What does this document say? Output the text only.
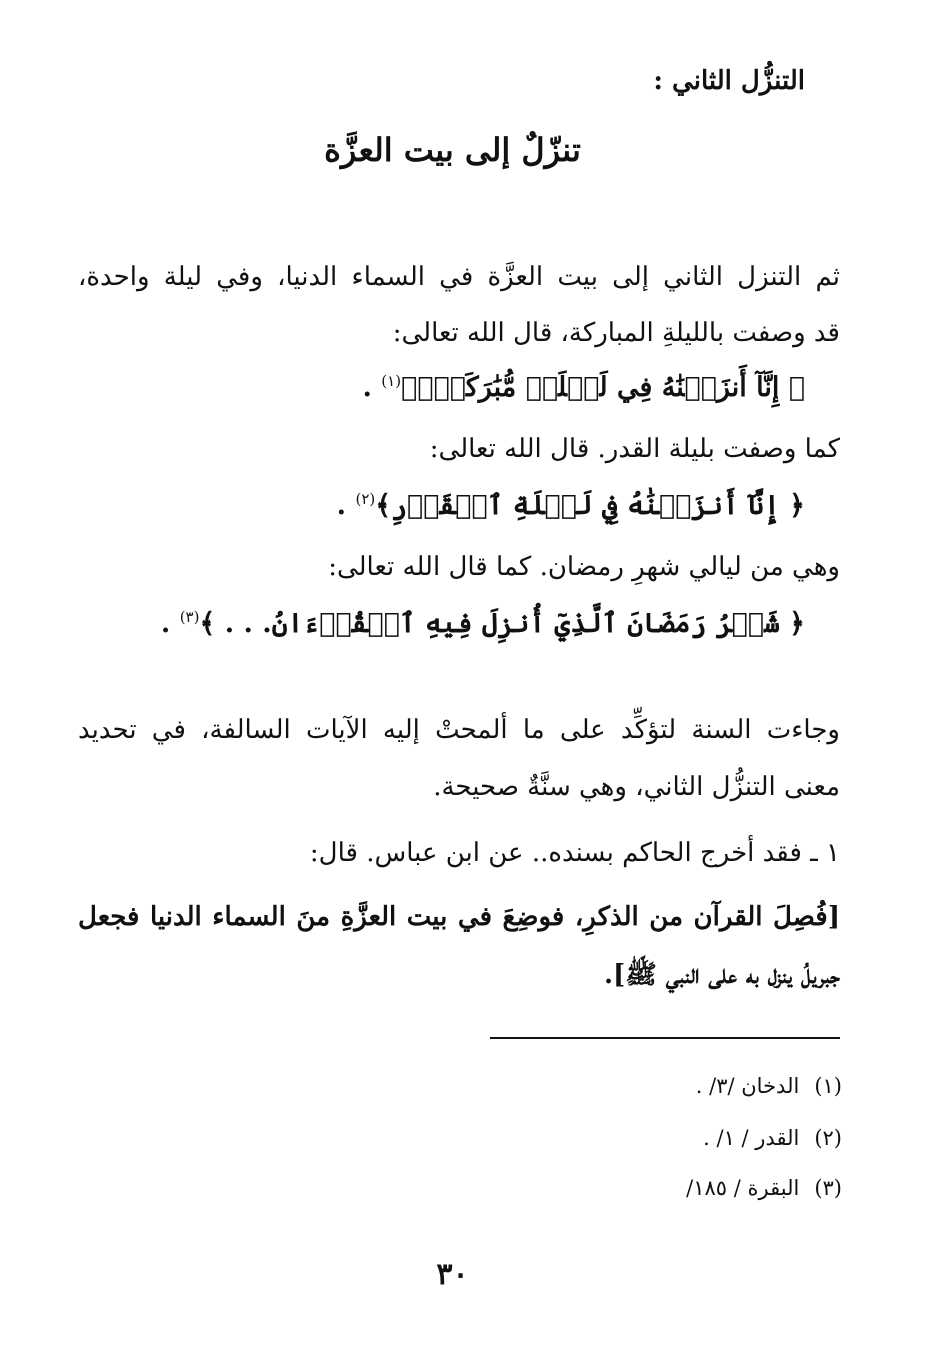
التنزُّل الثاني :
تنزّلٌ إلى بيت العزَّة
ثم التنزل الثاني إلى بيت العزَّة في السماء الدنيا، وفي ليلة واحدة،
قد وصفت بالليلةِ المباركة، قال الله تعالى:
﴿ إِنَّآ أَنزَلۡنَٰهُ فِي لَيۡلَةٖ مُّبَٰرَكَةٍۚ﴾$^{(١)}$ .
كما وصفت بليلة القدر. قال الله تعالى:
﴿ إِنَّآ أَنزَلۡنَٰهُ فِي لَيۡلَةِ ٱلۡقَدۡرِ﴾$^{(٢)}$ .
وهي من ليالي شهرِ رمضان. كما قال الله تعالى:
﴿ شَهۡرُ رَمَضَانَ ٱلَّذِيٓ أُنزِلَ فِيهِ ٱلۡقُرۡءَانُ. . . ﴾$^{(٣)}$ .
وجاءت السنة لتؤكِّد على ما ألمحتْ إليه الآيات السالفة، في تحديد
معنى التنزُّل الثاني، وهي سنَّةٌ صحيحة.
١ ـ فقد أخرج الحاكم بسنده.. عن ابن عباس. قال:
[فُصِلَ القرآن من الذكرِ، فوضِعَ في بيت العزَّةِ منَ السماء الدنيا فجعل
جبريلُ ينزل به على النبي ﷺ].
(١) الدخان /٣/ .
(٢) القدر / ١/ .
(٣) البقرة / ١٨٥/
٣٠
